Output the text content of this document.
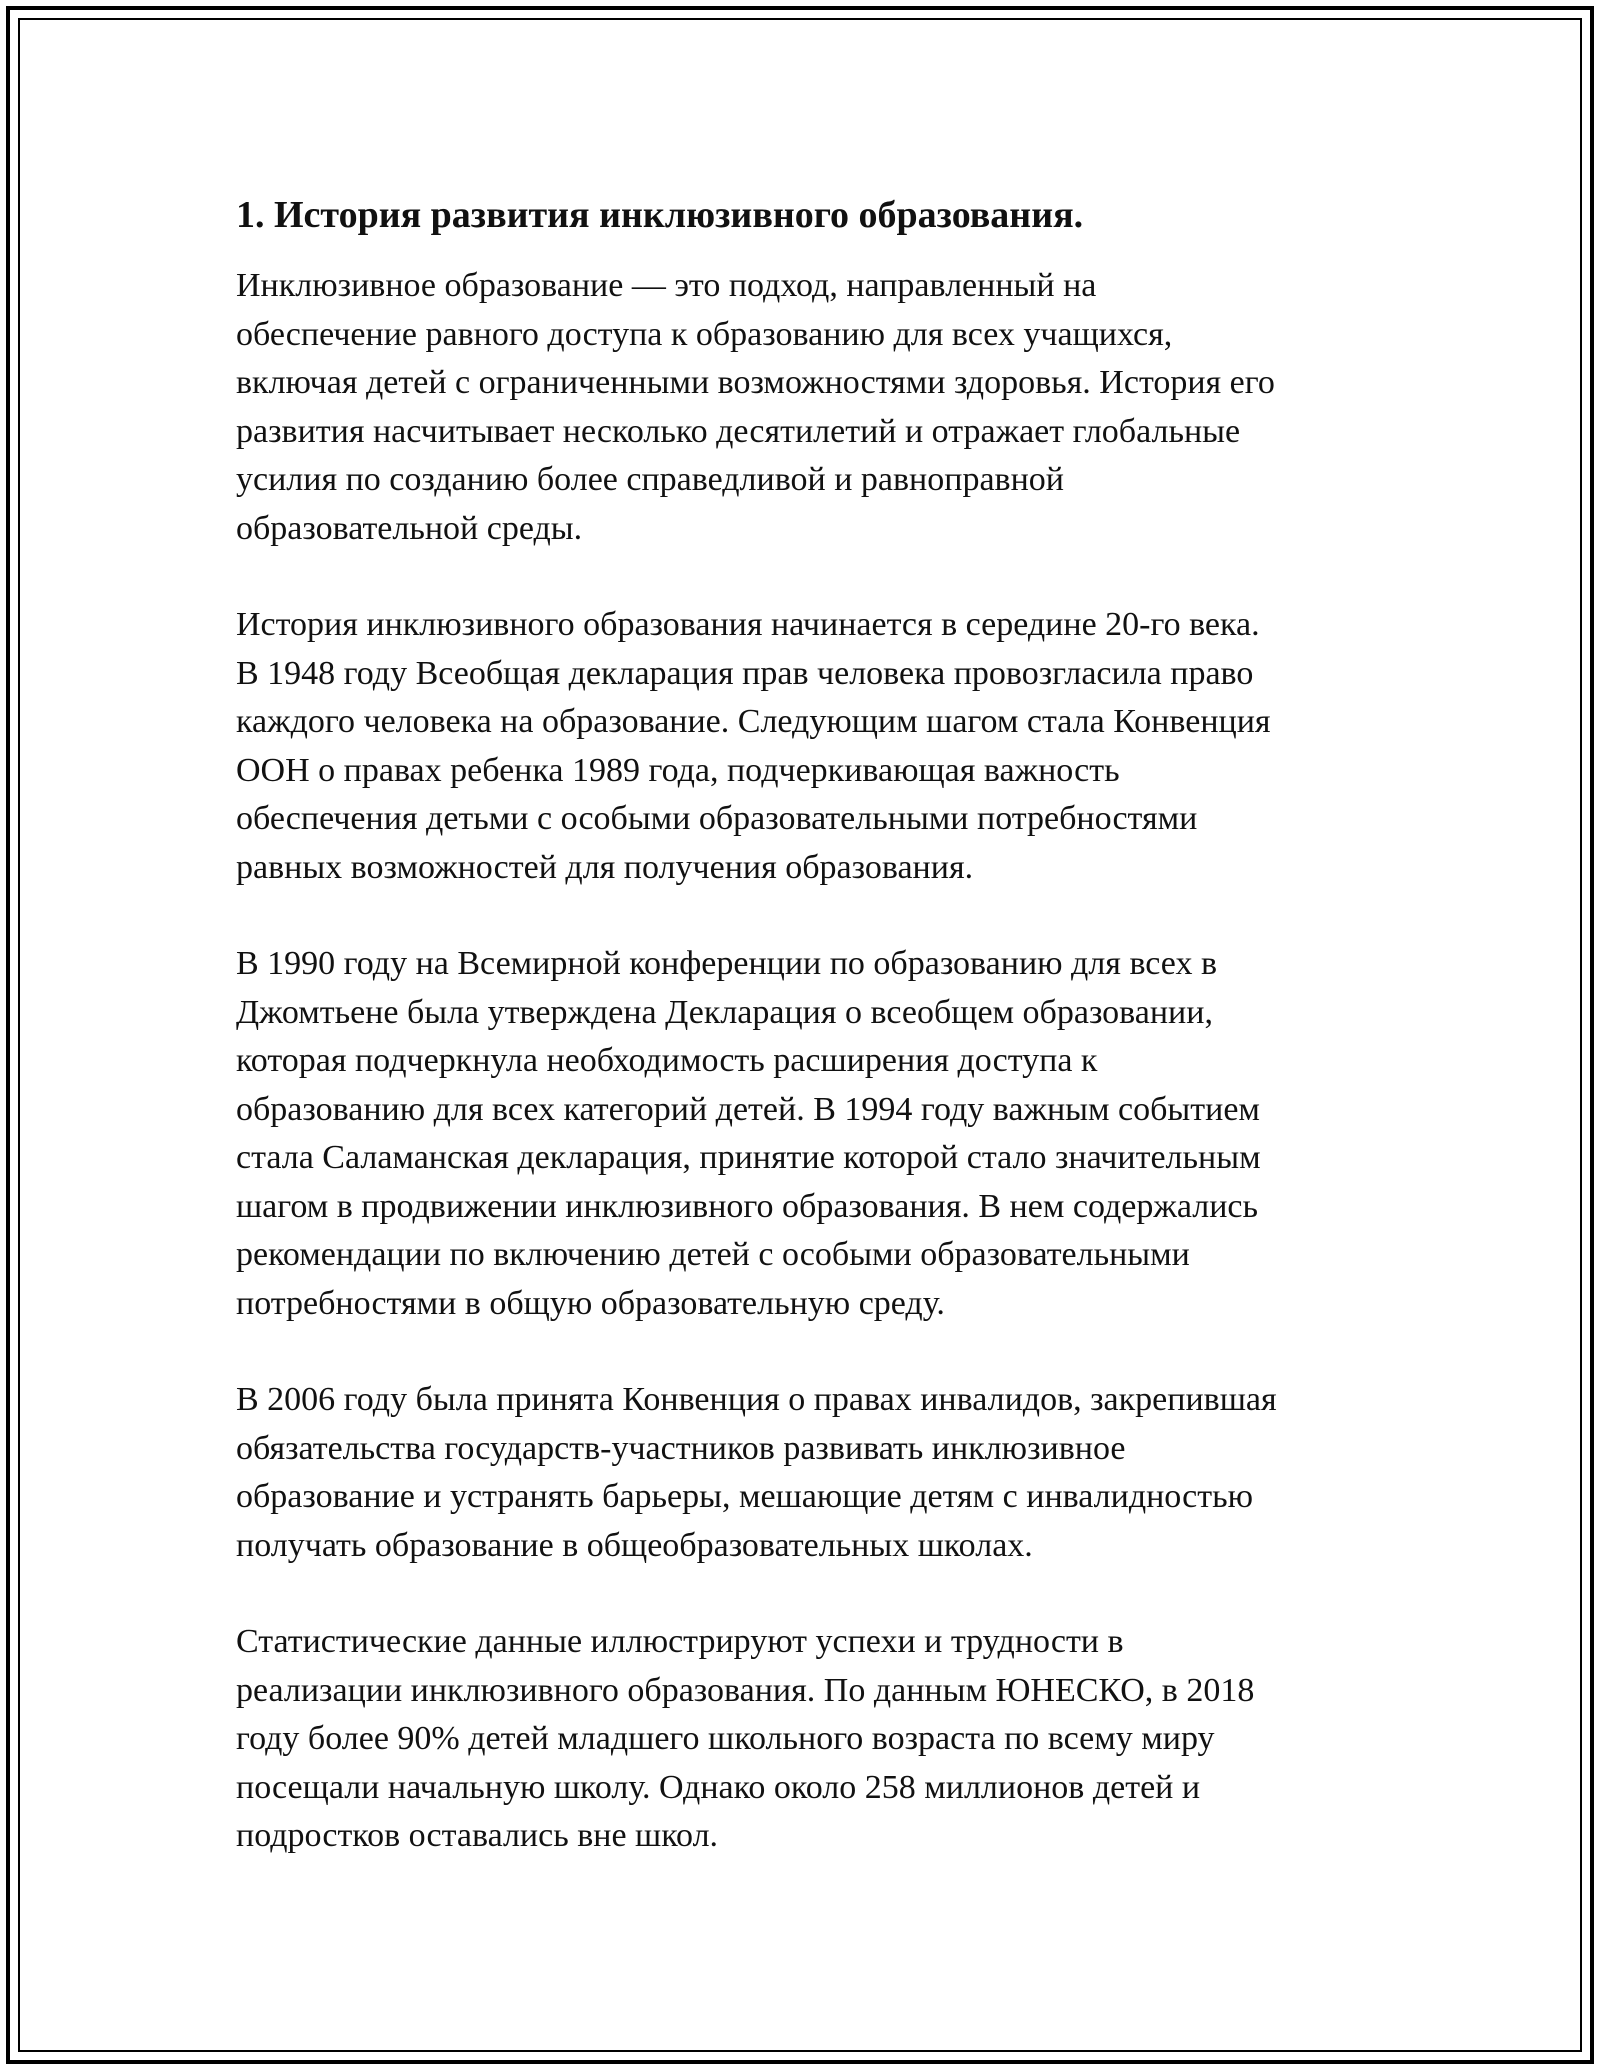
1. История развития инклюзивного образования.

Инклюзивное образование — это подход, направленный на
обеспечение равного доступа к образованию для всех учащихся,
включая детей с ограниченными возможностями здоровья. История его
развития насчитывает несколько десятилетий и отражает глобальные
усилия по созданию более справедливой и равноправной
образовательной среды.

История инклюзивного образования начинается в середине 20-го века.
В 1948 году Всеобщая декларация прав человека провозгласила право
каждого человека на образование. Следующим шагом стала Конвенция
ООН о правах ребенка 1989 года, подчеркивающая важность
обеспечения детьми с особыми образовательными потребностями
равных возможностей для получения образования.

В 1990 году на Всемирной конференции по образованию для всех в
Джомтьене была утверждена Декларация о всеобщем образовании,
которая подчеркнула необходимость расширения доступа к
образованию для всех категорий детей. В 1994 году важным событием
стала Саламанская декларация, принятие которой стало значительным
шагом в продвижении инклюзивного образования. В нем содержались
рекомендации по включению детей с особыми образовательными
потребностями в общую образовательную среду.

В 2006 году была принята Конвенция о правах инвалидов, закрепившая
обязательства государств-участников развивать инклюзивное
образование и устранять барьеры, мешающие детям с инвалидностью
получать образование в общеобразовательных школах.

Статистические данные иллюстрируют успехи и трудности в
реализации инклюзивного образования. По данным ЮНЕСКО, в 2018
году более 90% детей младшего школьного возраста по всему миру
посещали начальную школу. Однако около 258 миллионов детей и
подростков оставались вне школ.
